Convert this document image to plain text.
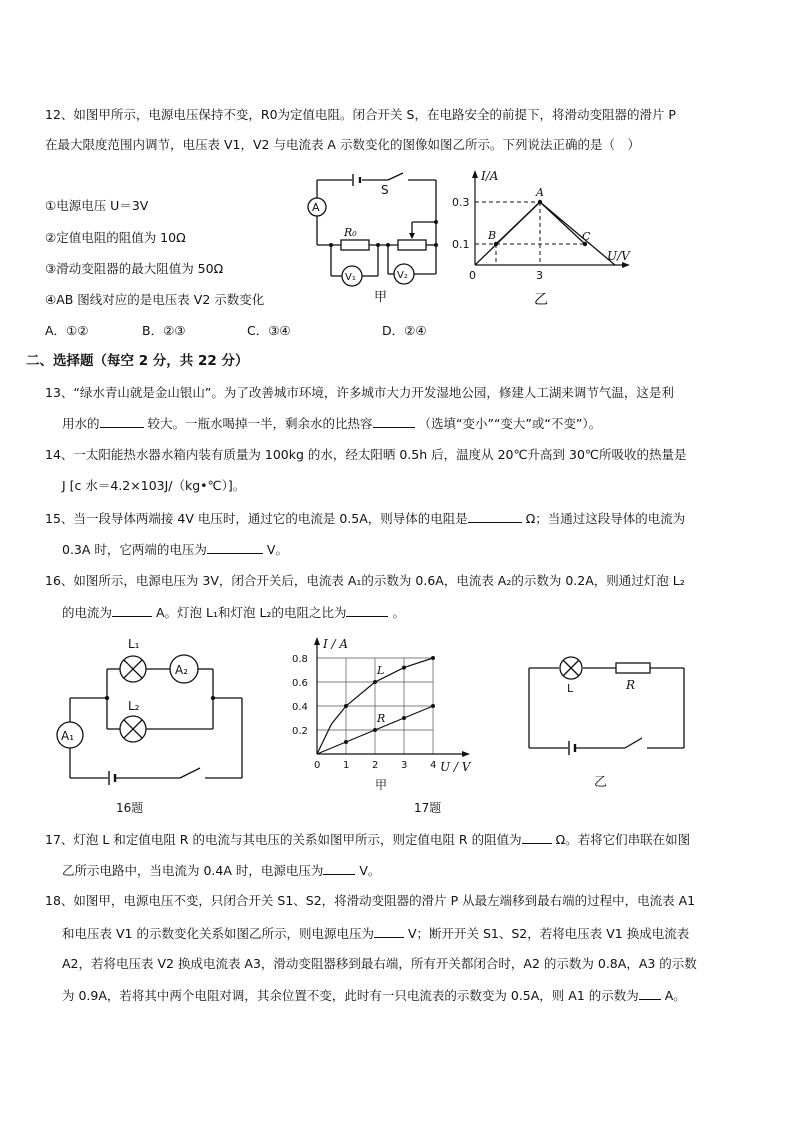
12、如图甲所示，电源电压保持不变，R0为定值电阻。闭合开关 S，在电路安全的前提下，将滑动变阻器的滑片 P
在最大限度范围内调节，电压表 V1，V2 与电流表 A 示数变化的图像如图乙所示。下列说法正确的是（　）
①电源电压 U＝3V
②定值电阻的阻值为 10Ω
③滑动变阻器的最大阻值为 50Ω
④AB 图线对应的是电压表 V2 示数变化
A．①②	B．②③	C．③④	D．②④
S
A
R₀
V₁	V₂
甲
I/A
U/V
0.3
0.1
0	3
A
B	C
乙
二、选择题（每空 2 分，共 22 分）
13、“绿水青山就是金山银山”。为了改善城市环境，许多城市大力开发湿地公园，修建人工湖来调节气温，这是利
用水的	较大。一瓶水喝掉一半，剩余水的比热容	（选填“变小”“变大”或“不变”）。
14、一太阳能热水器水箱内装有质量为 100kg 的水，经太阳晒 0.5h 后，温度从 20℃升高到 30℃所吸收的热量是
J [c 水＝4.2×103J/（kg•℃）]。
15、当一段导体两端接 4V 电压时，通过它的电流是 0.5A，则导体的电阻是	Ω；当通过这段导体的电流为
0.3A 时，它两端的电压为	V。
16、如图所示，电源电压为 3V，闭合开关后，电流表 A₁的示数为 0.6A，电流表 A₂的示数为 0.2A，则通过灯泡 L₂
的电流为	A。灯泡 L₁和灯泡 L₂的电阻之比为	。
L₁
L₂
A₂
A₁
16题
0 1 2 3 4
0.2
0.4
0.6
0.8
L
R
I / A
U / V
甲
17题
L	R
乙
17、灯泡 L 和定值电阻 R 的电流与其电压的关系如图甲所示，则定值电阻 R 的阻值为	Ω。若将它们串联在如图
乙所示电路中，当电流为 0.4A 时，电源电压为	V。
18、如图甲，电源电压不变，只闭合开关 S1、S2，将滑动变阻器的滑片 P 从最左端移到最右端的过程中，电流表 A1
和电压表 V1 的示数变化关系如图乙所示，则电源电压为	V；断开开关 S1、S2，若将电压表 V1 换成电流表
A2，若将电压表 V2 换成电流表 A3，滑动变阻器移到最右端，所有开关都闭合时，A2 的示数为 0.8A，A3 的示数
为 0.9A，若将其中两个电阻对调，其余位置不变，此时有一只电流表的示数变为 0.5A，则 A1 的示数为 A。
